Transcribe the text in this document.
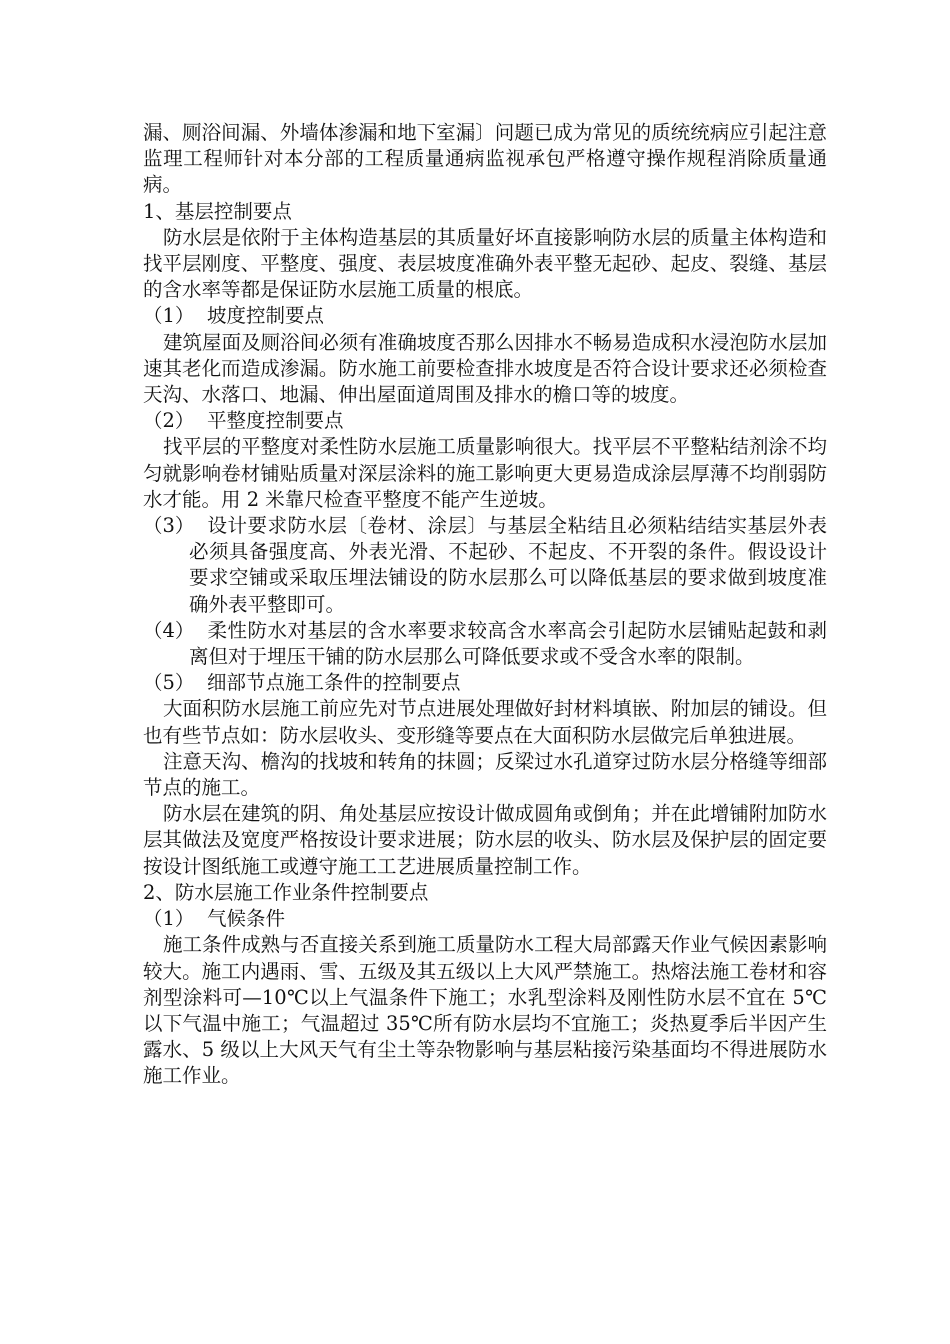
漏、厕浴间漏、外墙体渗漏和地下室漏〕问题已成为常见的质统统病应引起注意监理工程师针对本分部的工程质量通病监视承包严格遵守操作规程消除质量通病。

1、基层控制要点

防水层是依附于主体构造基层的其质量好坏直接影响防水层的质量主体构造和找平层刚度、平整度、强度、表层坡度准确外表平整无起砂、起皮、裂缝、基层的含水率等都是保证防水层施工质量的根底。

（1） 坡度控制要点

建筑屋面及厕浴间必须有准确坡度否那么因排水不畅易造成积水浸泡防水层加速其老化而造成渗漏。防水施工前要检查排水坡度是否符合设计要求还必须检查天沟、水落口、地漏、伸出屋面道周围及排水的檐口等的坡度。

（2） 平整度控制要点

找平层的平整度对柔性防水层施工质量影响很大。找平层不平整粘结剂涂不均匀就影响卷材铺贴质量对深层涂料的施工影响更大更易造成涂层厚薄不均削弱防水才能。用 2 米靠尺检查平整度不能产生逆坡。

（3） 设计要求防水层〔卷材、涂层〕与基层全粘结且必须粘结结实基层外表必须具备强度高、外表光滑、不起砂、不起皮、不开裂的条件。假设设计要求空铺或采取压埋法铺设的防水层那么可以降低基层的要求做到坡度准确外表平整即可。

（4） 柔性防水对基层的含水率要求较高含水率高会引起防水层铺贴起鼓和剥离但对于埋压干铺的防水层那么可降低要求或不受含水率的限制。

（5） 细部节点施工条件的控制要点

大面积防水层施工前应先对节点进展处理做好封材料填嵌、附加层的铺设。但也有些节点如：防水层收头、变形缝等要点在大面积防水层做完后单独进展。

注意天沟、檐沟的找坡和转角的抹圆；反梁过水孔道穿过防水层分格缝等细部节点的施工。

防水层在建筑的阴、角处基层应按设计做成圆角或倒角；并在此增铺附加防水层其做法及宽度严格按设计要求进展；防水层的收头、防水层及保护层的固定要按设计图纸施工或遵守施工工艺进展质量控制工作。

2、防水层施工作业条件控制要点

（1） 气候条件

施工条件成熟与否直接关系到施工质量防水工程大局部露天作业气候因素影响较大。施工内遇雨、雪、五级及其五级以上大风严禁施工。热熔法施工卷材和容剂型涂料可—10℃以上气温条件下施工；水乳型涂料及刚性防水层不宜在 5℃以下气温中施工；气温超过 35℃所有防水层均不宜施工；炎热夏季后半因产生露水、5 级以上大风天气有尘土等杂物影响与基层粘接污染基面均不得进展防水施工作业。
